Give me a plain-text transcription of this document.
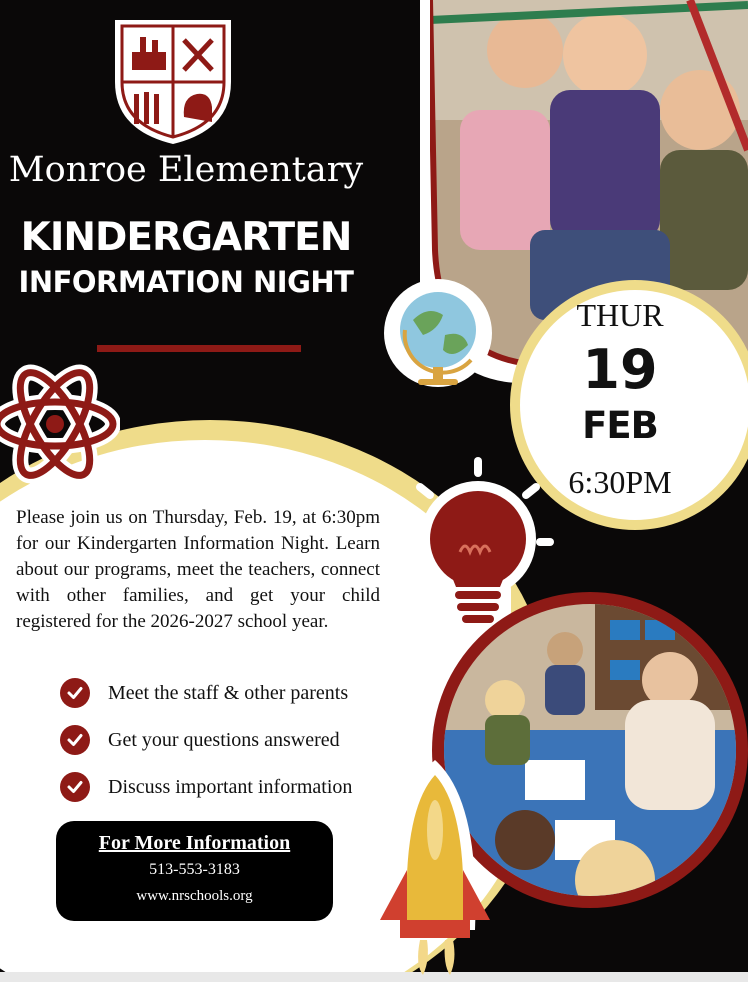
THUR
19
FEB
6:30PM
Monroe Elementary
KINDERGARTEN
INFORMATION NIGHT
Please join us on Thursday, Feb. 19, at 6:30pm for our Kindergarten Information Night. Learn about our programs, meet the teachers, connect with other families, and get your child registered for the 2026-2027 school year.
Meet the staff & other parents
Get your questions answered
Discuss important information
For More Information
513-553-3183
www.nrschools.org
